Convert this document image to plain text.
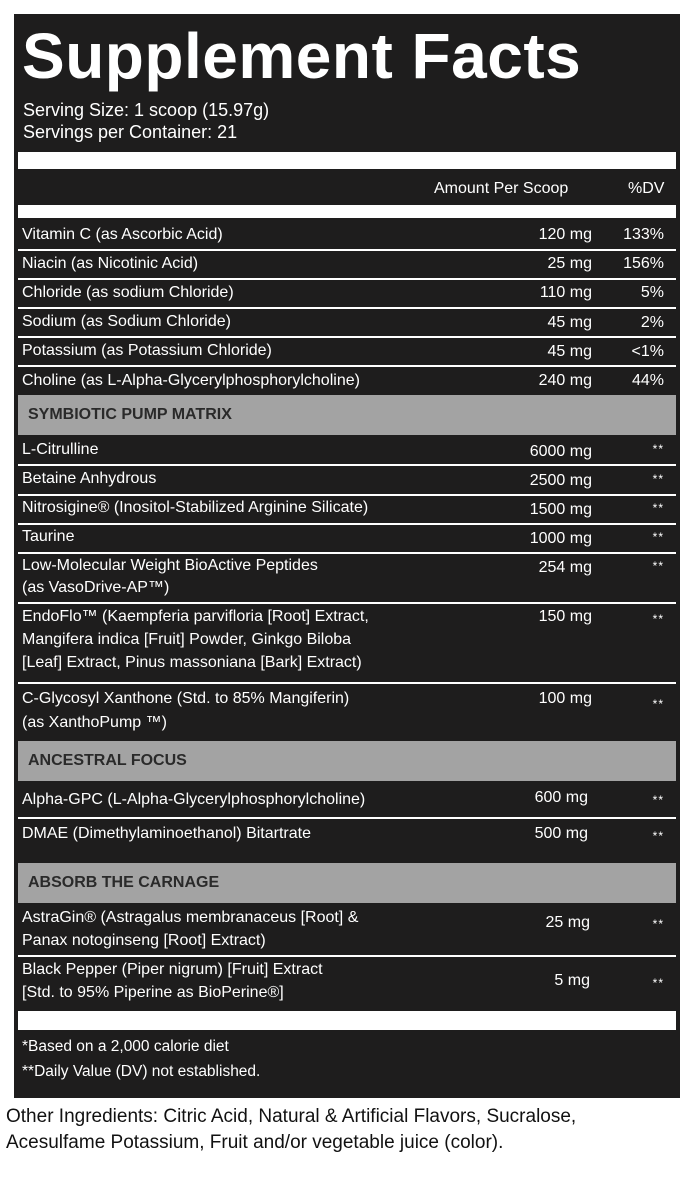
Supplement Facts
Serving Size: 1 scoop (15.97g)
Servings per Container: 21
Amount Per Scoop	%DV
Vitamin C (as Ascorbic Acid)	120 mg 133%
Niacin (as Nicotinic Acid)	25 mg 156%
Chloride (as sodium Chloride)	110 mg	5%
Sodium (as Sodium Chloride)	45 mg	2%
Potassium (as Potassium Chloride)	45 mg <1%
Choline (as L-Alpha-Glycerylphosphorylcholine)	240 mg 44%
SYMBIOTIC PUMP MATRIX
L-Citrulline	6000 mg	**
Betaine Anhydrous	2500 mg	**
Nitrosigine® (Inositol-Stabilized Arginine Silicate)	1500 mg	**
Taurine	1000 mg	**
Low-Molecular Weight BioActive Peptides
(as VasoDrive-AP™)
254 mg	**
EndoFlo™ (Kaempferia parvifloria [Root] Extract,
Mangifera indica [Fruit] Powder, Ginkgo Biloba
[Leaf] Extract, Pinus massoniana [Bark] Extract)
150 mg	**
C-Glycosyl Xanthone (Std. to 85% Mangiferin)
(as XanthoPump ™)
100 mg	**
ANCESTRAL FOCUS
Alpha-GPC (L-Alpha-Glycerylphosphorylcholine)	600 mg	**
DMAE (Dimethylaminoethanol) Bitartrate	500 mg	**
ABSORB THE CARNAGE
AstraGin® (Astragalus membranaceus [Root] &
Panax notoginseng [Root] Extract)
25 mg	**
Black Pepper (Piper nigrum) [Fruit] Extract
[Std. to 95% Piperine as BioPerine®]
5 mg	**
*Based on a 2,000 calorie diet
**Daily Value (DV) not established.
Other Ingredients: Citric Acid, Natural & Artificial Flavors, Sucralose, Acesulfame Potassium, Fruit and/or vegetable juice (color).
